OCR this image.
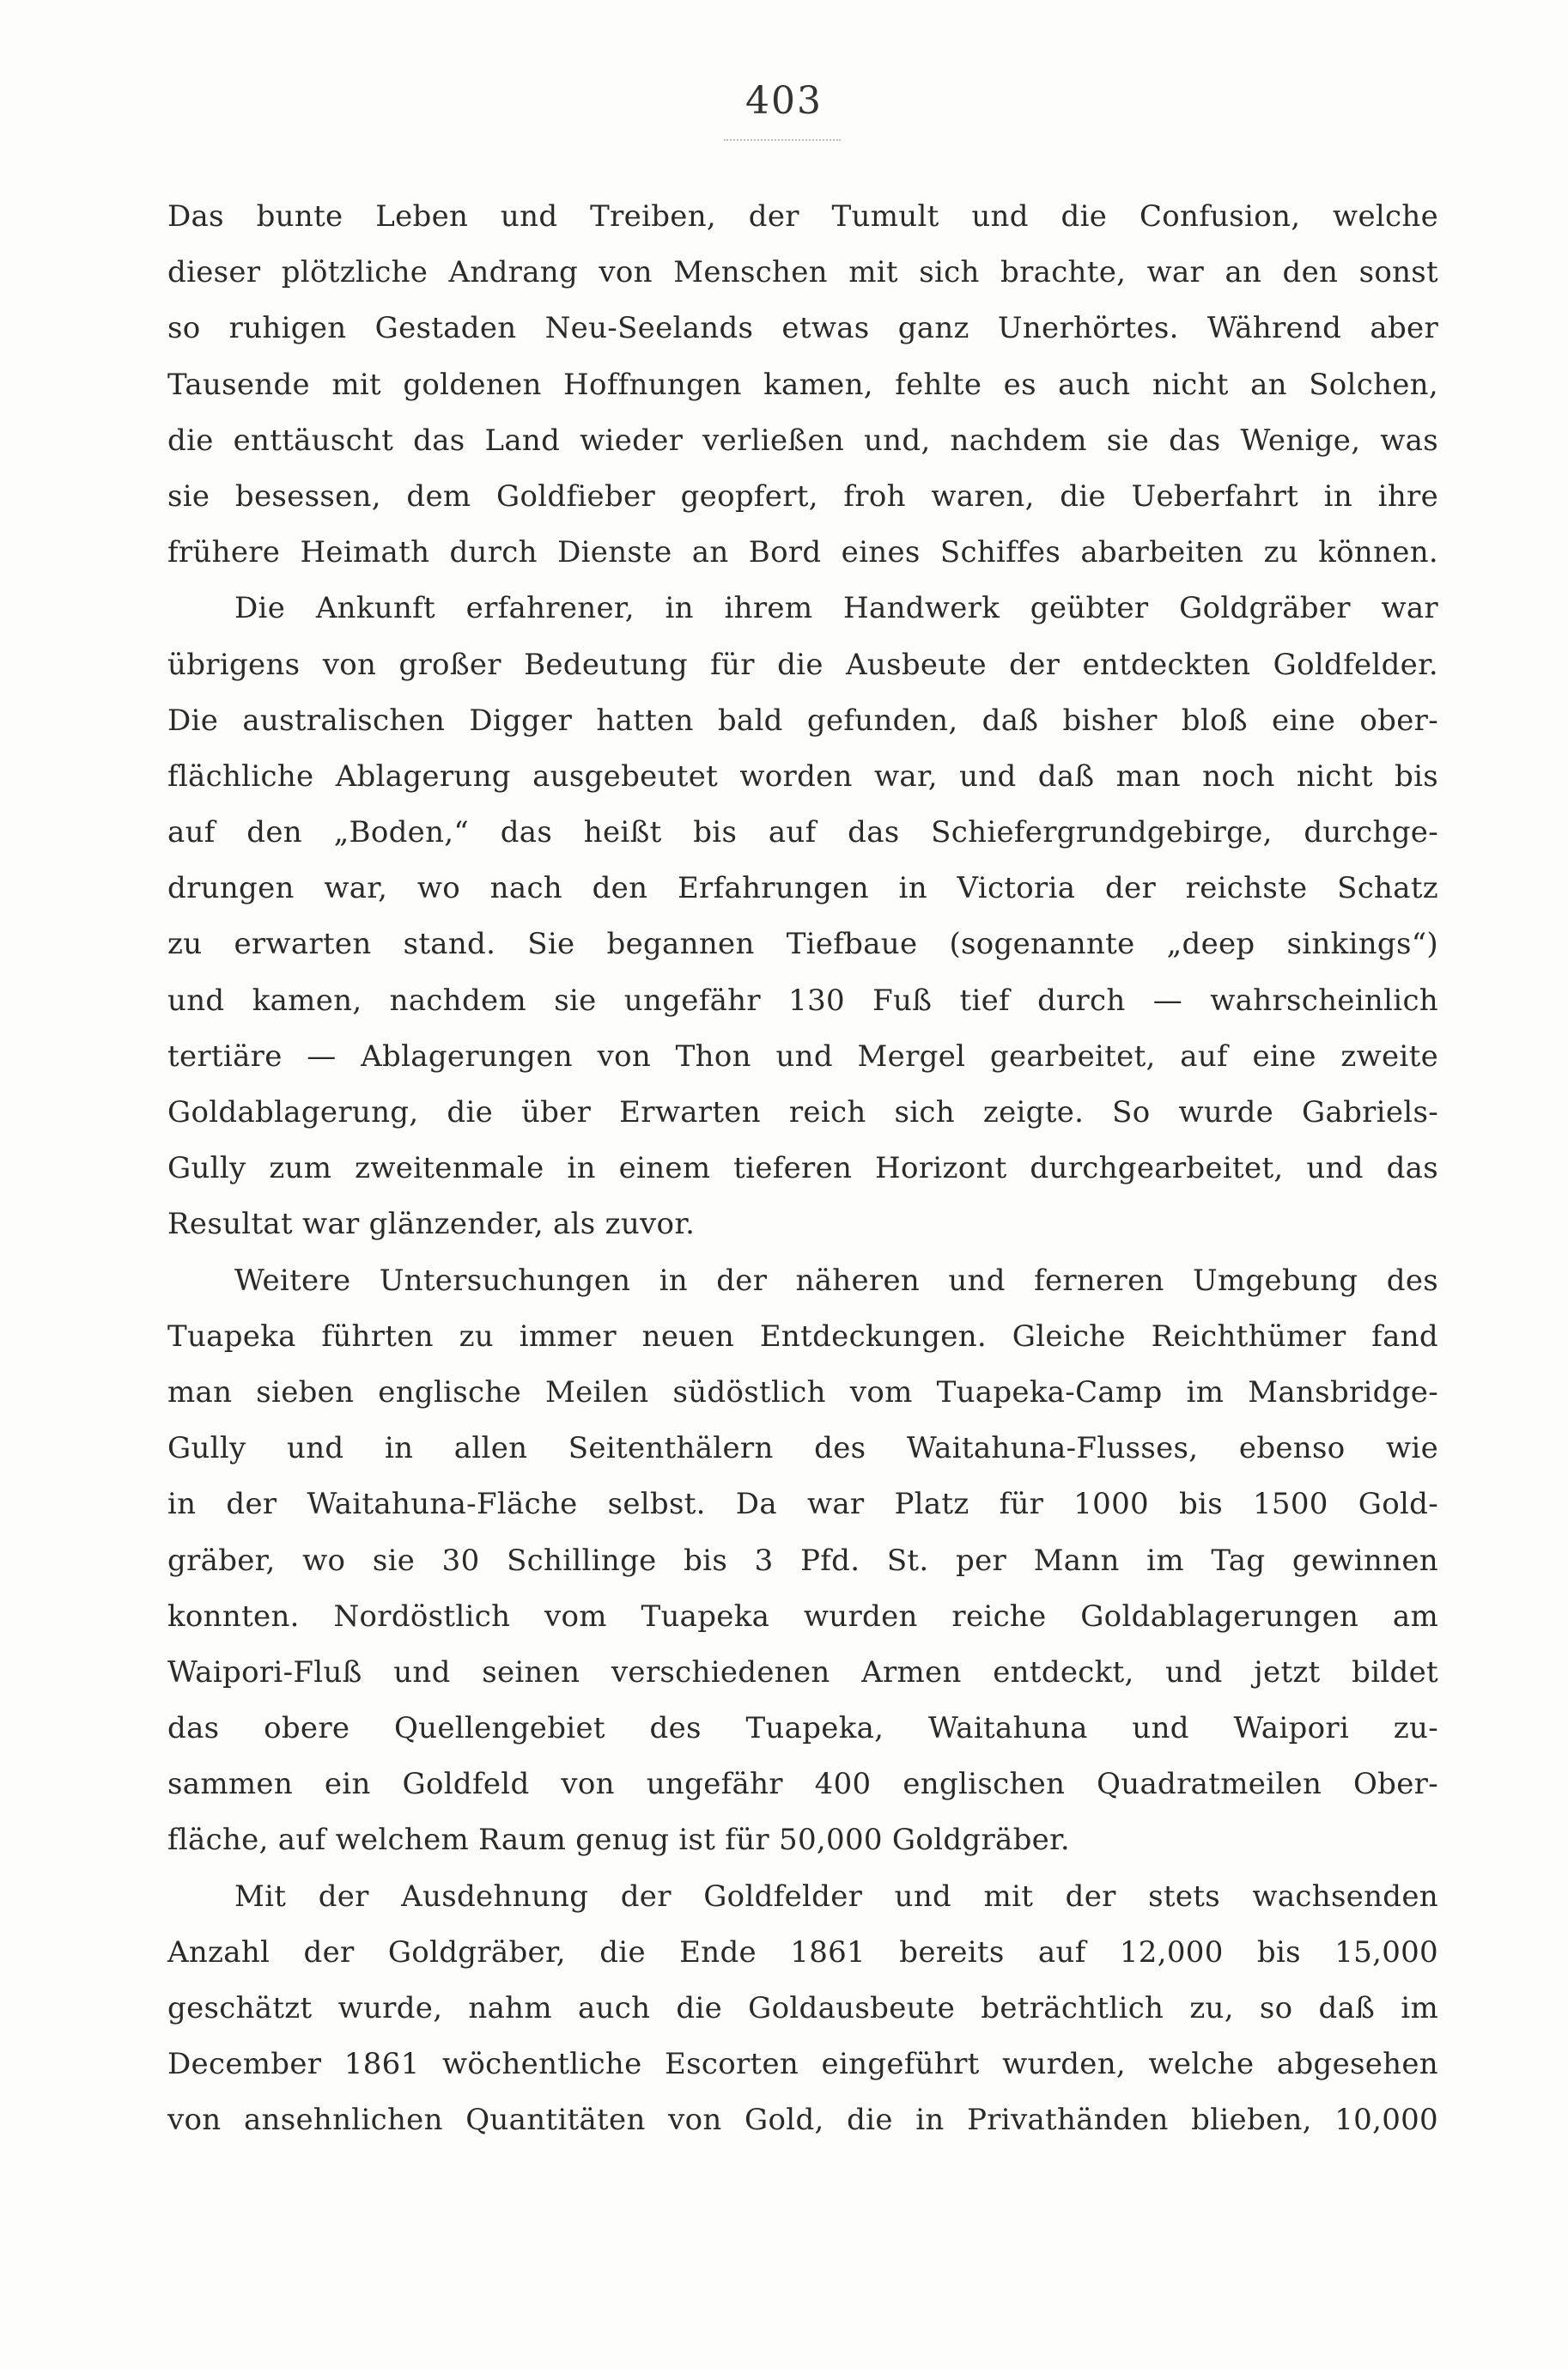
403
Das bunte Leben und Treiben, der Tumult und die Confusion, welche
dieser plötzliche Andrang von Menschen mit sich brachte, war an den sonst
so ruhigen Gestaden Neu-Seelands etwas ganz Unerhörtes. Während aber
Tausende mit goldenen Hoffnungen kamen, fehlte es auch nicht an Solchen,
die enttäuscht das Land wieder verließen und, nachdem sie das Wenige, was
sie besessen, dem Goldfieber geopfert, froh waren, die Ueberfahrt in ihre
frühere Heimath durch Dienste an Bord eines Schiffes abarbeiten zu können.
Die Ankunft erfahrener, in ihrem Handwerk geübter Goldgräber war
übrigens von großer Bedeutung für die Ausbeute der entdeckten Goldfelder.
Die australischen Digger hatten bald gefunden, daß bisher bloß eine ober-
flächliche Ablagerung ausgebeutet worden war, und daß man noch nicht bis
auf den „Boden,“ das heißt bis auf das Schiefergrundgebirge, durchge-
drungen war, wo nach den Erfahrungen in Victoria der reichste Schatz
zu erwarten stand. Sie begannen Tiefbaue (sogenannte „deep sinkings“)
und kamen, nachdem sie ungefähr 130 Fuß tief durch — wahrscheinlich
tertiäre — Ablagerungen von Thon und Mergel gearbeitet, auf eine zweite
Goldablagerung, die über Erwarten reich sich zeigte. So wurde Gabriels-
Gully zum zweitenmale in einem tieferen Horizont durchgearbeitet, und das
Resultat war glänzender, als zuvor.
Weitere Untersuchungen in der näheren und ferneren Umgebung des
Tuapeka führten zu immer neuen Entdeckungen. Gleiche Reichthümer fand
man sieben englische Meilen südöstlich vom Tuapeka-Camp im Mansbridge-
Gully und in allen Seitenthälern des Waitahuna-Flusses, ebenso wie
in der Waitahuna-Fläche selbst. Da war Platz für 1000 bis 1500 Gold-
gräber, wo sie 30 Schillinge bis 3 Pfd. St. per Mann im Tag gewinnen
konnten. Nordöstlich vom Tuapeka wurden reiche Goldablagerungen am
Waipori-Fluß und seinen verschiedenen Armen entdeckt, und jetzt bildet
das obere Quellengebiet des Tuapeka, Waitahuna und Waipori zu-
sammen ein Goldfeld von ungefähr 400 englischen Quadratmeilen Ober-
fläche, auf welchem Raum genug ist für 50,000 Goldgräber.
Mit der Ausdehnung der Goldfelder und mit der stets wachsenden
Anzahl der Goldgräber, die Ende 1861 bereits auf 12,000 bis 15,000
geschätzt wurde, nahm auch die Goldausbeute beträchtlich zu, so daß im
December 1861 wöchentliche Escorten eingeführt wurden, welche abgesehen
von ansehnlichen Quantitäten von Gold, die in Privathänden blieben, 10,000
